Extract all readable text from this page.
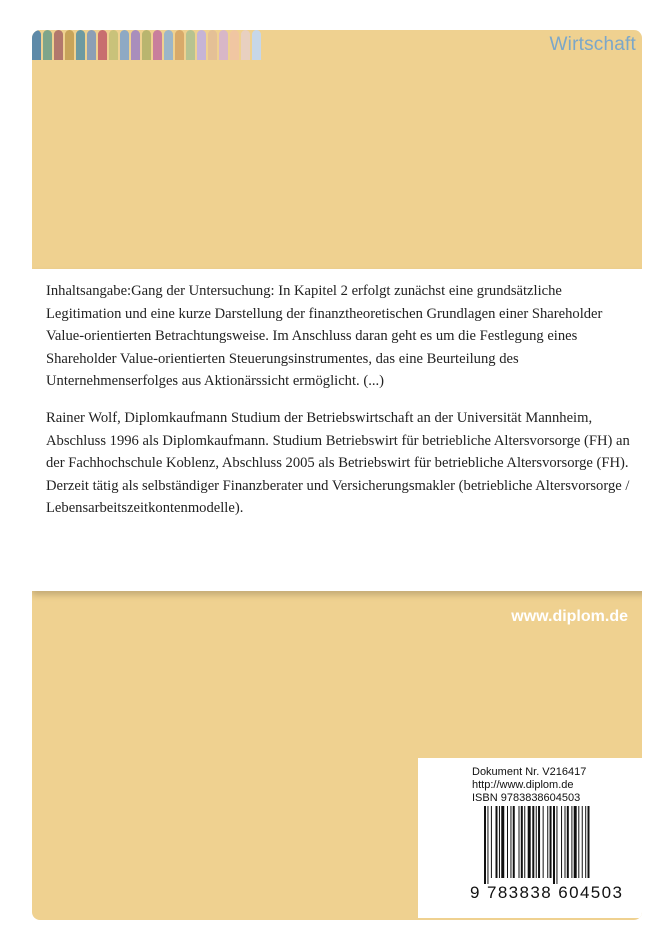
Wirtschaft

Inhaltsangabe:Gang der Untersuchung: In Kapitel 2 erfolgt zunächst eine grundsätzliche Legitimation und eine kurze Darstellung der finanztheoretischen Grundlagen einer Shareholder Value-orientierten Betrachtungsweise. Im Anschluss daran geht es um die Festlegung eines Shareholder Value-orientierten Steuerungsinstrumentes, das eine Beurteilung des Unternehmenserfolges aus Aktionärssicht ermöglicht. (...)

Rainer Wolf, Diplomkaufmann Studium der Betriebswirtschaft an der Universität Mannheim, Abschluss 1996 als Diplomkaufmann. Studium Betriebswirt für betriebliche Altersvorsorge (FH) an der Fachhochschule Koblenz, Abschluss 2005 als Betriebswirt für betriebliche Altersvorsorge (FH). Derzeit tätig als selbständiger Finanzberater und Versicherungsmakler (betriebliche Altersvorsorge / Lebensarbeitszeitkontenmodelle).

www.diplom.de
Dokument Nr. V216417
http://www.diplom.de
ISBN 9783838604503
9 783838 604503
